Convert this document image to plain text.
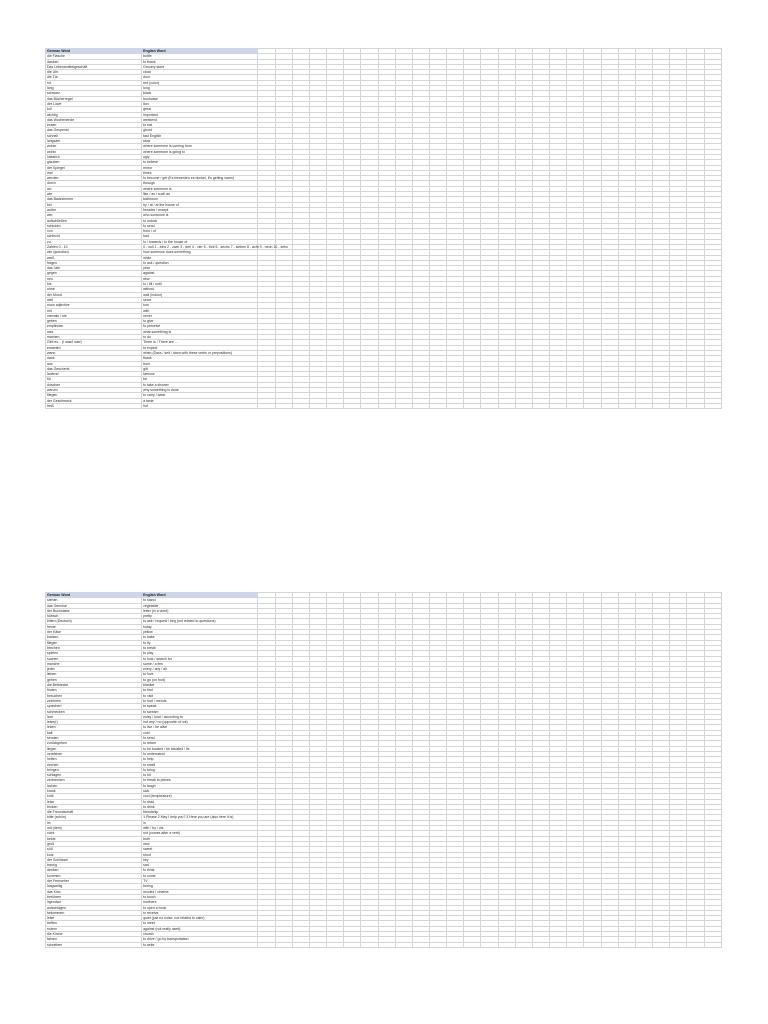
German Word	English Word																											
die Flasche	bottle																											
danken	to thank																											
Das Lebensmittelgeschäft	Grocery store																											
die Uhr	clock																											
die Tür	door																											
rot	red (color)																											
lang	long																											
schwarz	black																											
das Bücherregal	bookcase																											
der Löwe	lion																											
toll	great																											
wichtig	important																											
das Wochenende	weekend																											
essen	to eat																											
das Gespenst	ghost																											
schnell	fast English																											
langsam	slow																											
woher	where someone is coming from																											
wohin	where someone is going to																											
hässlich	ugly																											
glauben	to believe																											
der Spiegel	mirror																											
mal	times																											
werden	to become / get (Es bewerden es dunkel, it's getting warm)																											
durch	through																											
wo	where someone is																											
wie	like / as / such as																											
das Badezimmer	bathroom																											
bei	by / at / at the house of																											
außer	besides / except																											
wer	who someone is																											
aufschließen	to unlock																											
schicken	to send																											
von	from / of																											
schlecht	bad																											
zu	to / towards / to the house of																											
Zahlen 0 - 10	0 - null 1 - eins 2 - zwei 3 - drei 4 - vier 5 - fünf 6 - sechs 7 - sieben 8 - acht 9 - neun 10 - zehn																											
wie (question)	how someone does something																											
weiß	white																											
fragen	to ask / question																											
das Jahr	year																											
gegen	against																											
neu	new																											
bis	to / till / until																											
ohne	without																											
der Mond	wall (indoor)																											
weil	since																											
noun adjective	tom																											
mit	with																											
niemals / nie	never																											
geben	to give																											
empfinden	to perceive																											
was	what something is																											
machen	to do																											
Gibt es... (I was/I saw)	There is / There are ...																											
erwarten	to expect																											
wann	when (Dass / seit / dann with these verbs or prepositions)																											
dank	thank																											
aus	from																											
das Geschenk	gift																											
laufend	famous																											
für	for																											
duschen	to take a shower																											
warum	why something is done																											
fliegen	to carry / wear																											
der Geschmack	a taste																											
heiß	hot																											
German Word	English Word																											
stehen	to stand																											
das Gemüse	vegetable																											
der Buchstabe	letter (in a word)																											
hübsch	pretty																											
bitten (Deutsch)	to ask / request / beg (not related to questions)																											
heute	today																											
der Käse	yellow																											
backen	to bake																											
fliegen	to fly																											
brechen	to break																											
spielen	to play																											
suchen	to look / search for																											
manche	some / a few																											
jeder	every / any / all																											
lieben	to love																											
gehen	to go (on foot)																											
die Bettdecke	blanket																											
finden	to find																											
besuchen	to visit																											
zeichnen	to hurt / mends																											
sprechen	to speak																											
schmecken	to scream																											
laut	noisy / loud / according to																											
leise(r)	not any / no (opposite of not)																											
leben	to live / be alive																											
kalt	cold																											
senden	to send																											
zurückgeben	to return																											
liegen	to be located / be situated / lie																											
verstehen	to understand																											
helfen	to help																											
riechen	to smell																											
bringen	to bring																											
schlagen	to hit																											
zerbrechen	to break to pieces																											
lachen	to laugh																											
krank	sick																											
kühl	cool (temperature)																											
leise	to read																											
trinken	to drink																											
die Freundschaft	friendship																											
bitte (schön)	1 Please 2 May I help you? 3 Here you are (also here it is)																											
im	in																											
mit (dem)	with / by / via																											
nicht	not (comes after a verb)																											
beide	both																											
groß	new																											
süß	sweet																											
kurz	short																											
der Schlüssel	key																											
traurig	sad																											
denken	to think																											
kommen	to come																											
der Fernseher	TV																											
langweilig	boring																											
das Kino	movies / cinema																											
berühren	to touch																											
irgendwo	nowhere																											
aufschlagen	to open a book																											
bekommen	to receive																											
leise	quiet (just no noise, not related to calm)																											
treffen	to meet																											
rudern	against (not really used)																											
die Kirche	church																											
fahren	to drive / go by transportation																											
schreiben	to write																											
